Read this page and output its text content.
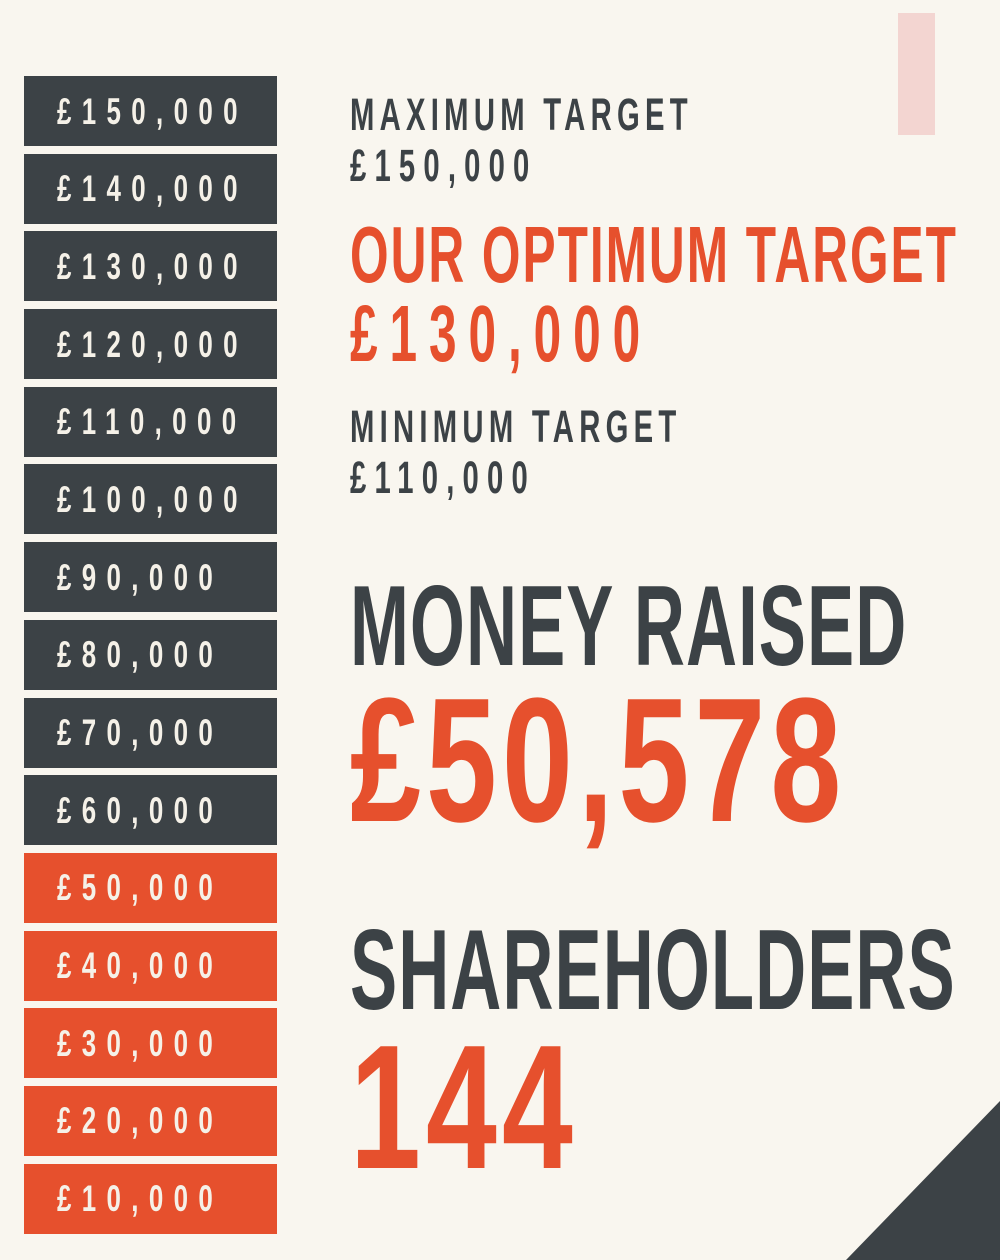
£150,000
£140,000
£130,000
£120,000
£110,000
£100,000
£90,000
£80,000
£70,000
£60,000
£50,000
£40,000
£30,000
£20,000
£10,000
MAXIMUM TARGET
£150,000
OUR OPTIMUM TARGET
£130,000
MINIMUM TARGET
£110,000
MONEY RAISED
£50,578
SHAREHOLDERS
144
